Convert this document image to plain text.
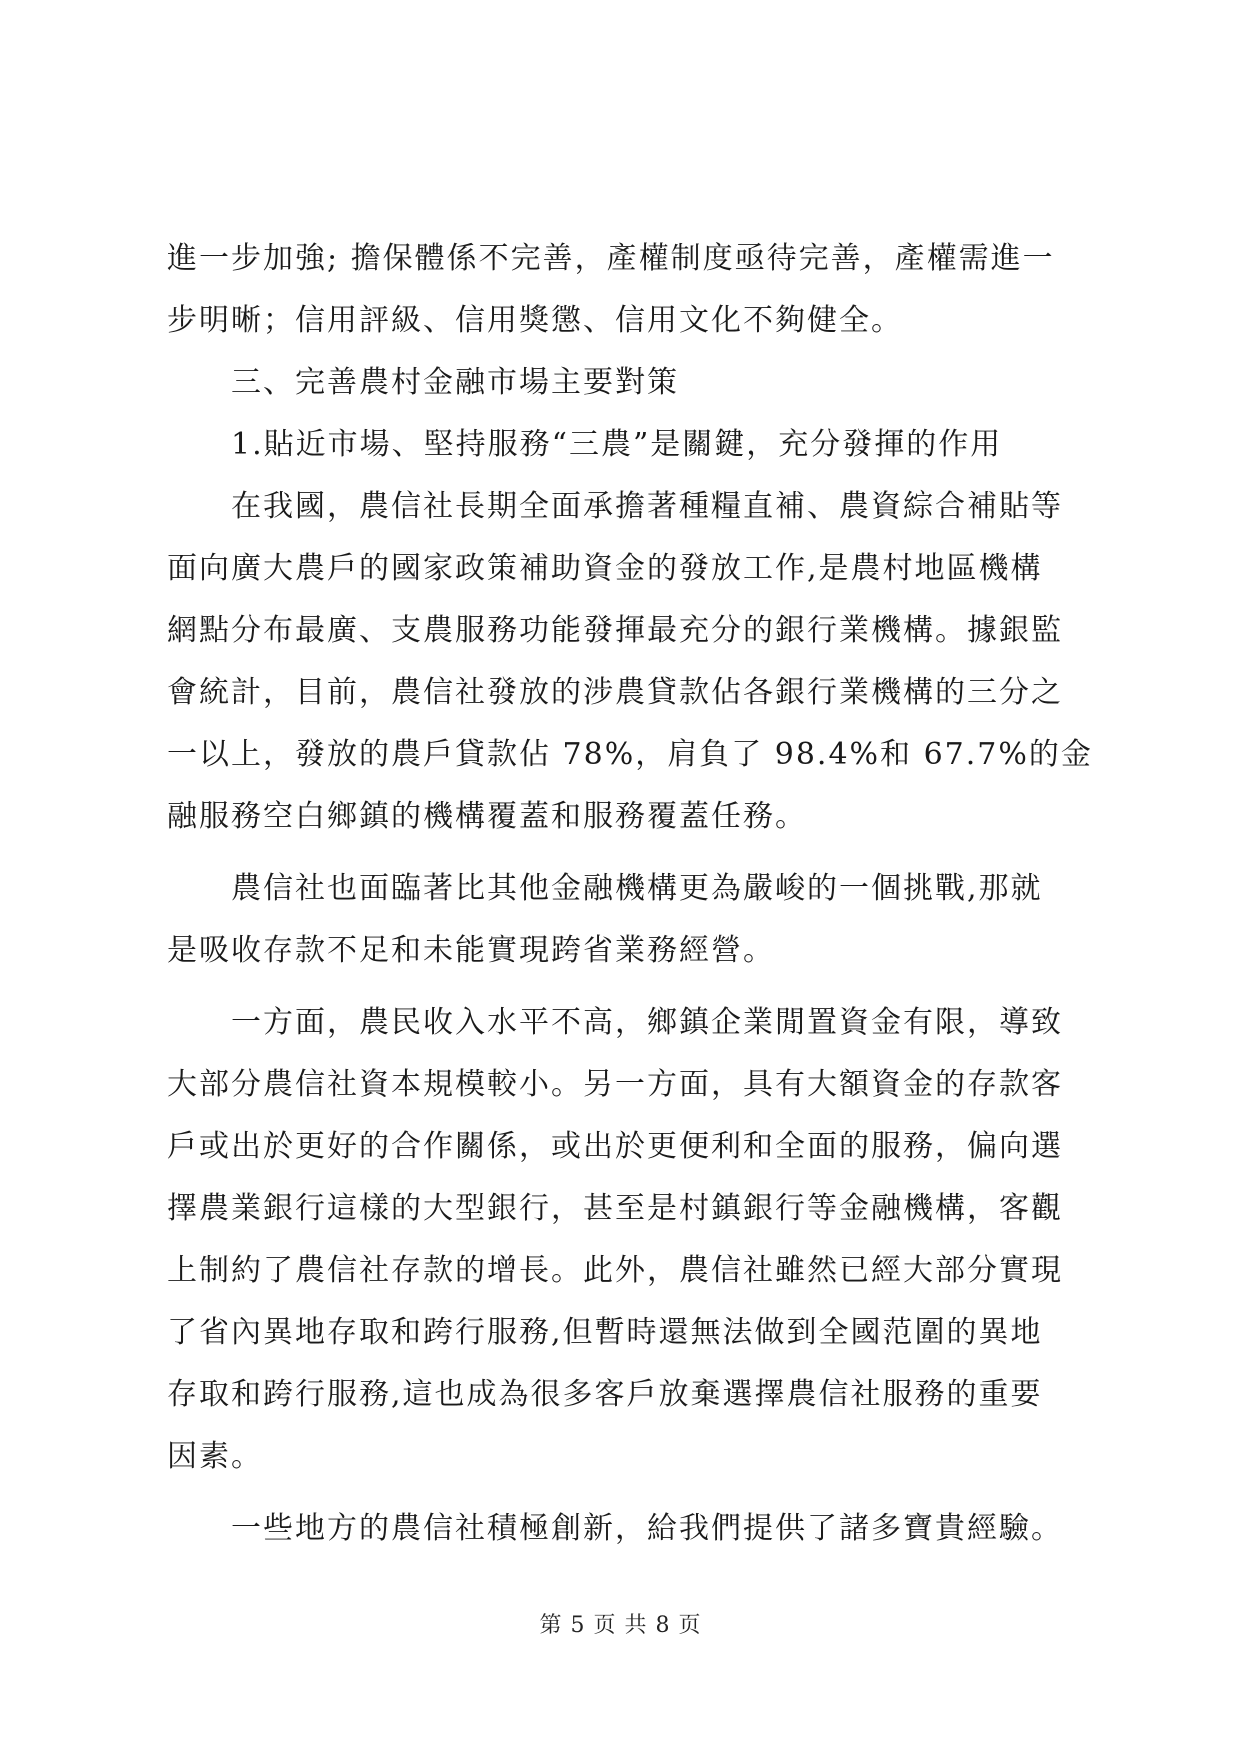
進一步加強; 擔保體係不完善，產權制度亟待完善，產權需進一
步明晰；信用評級、信用獎懲、信用文化不夠健全。
三、完善農村金融市場主要對策
1.貼近市場、堅持服務“三農”是關鍵，充分發揮的作用
在我國，農信社長期全面承擔著種糧直補、農資綜合補貼等
面向廣大農戶的國家政策補助資金的發放工作,是農村地區機構
網點分布最廣、支農服務功能發揮最充分的銀行業機構。據銀監
會統計，目前，農信社發放的涉農貸款佔各銀行業機構的三分之
一以上，發放的農戶貸款佔 78%，肩負了 98.4%和 67.7%的金
融服務空白鄉鎮的機構覆蓋和服務覆蓋任務。
農信社也面臨著比其他金融機構更為嚴峻的一個挑戰,那就
是吸收存款不足和未能實現跨省業務經營。
一方面，農民收入水平不高，鄉鎮企業閒置資金有限，導致
大部分農信社資本規模較小。另一方面，具有大額資金的存款客
戶或出於更好的合作關係，或出於更便利和全面的服務，偏向選
擇農業銀行這樣的大型銀行，甚至是村鎮銀行等金融機構，客觀
上制約了農信社存款的增長。此外，農信社雖然已經大部分實現
了省內異地存取和跨行服務,但暫時還無法做到全國范圍的異地
存取和跨行服務,這也成為很多客戶放棄選擇農信社服務的重要
因素。
一些地方的農信社積極創新，給我們提供了諸多寶貴經驗。
第 5 页 共 8 页
